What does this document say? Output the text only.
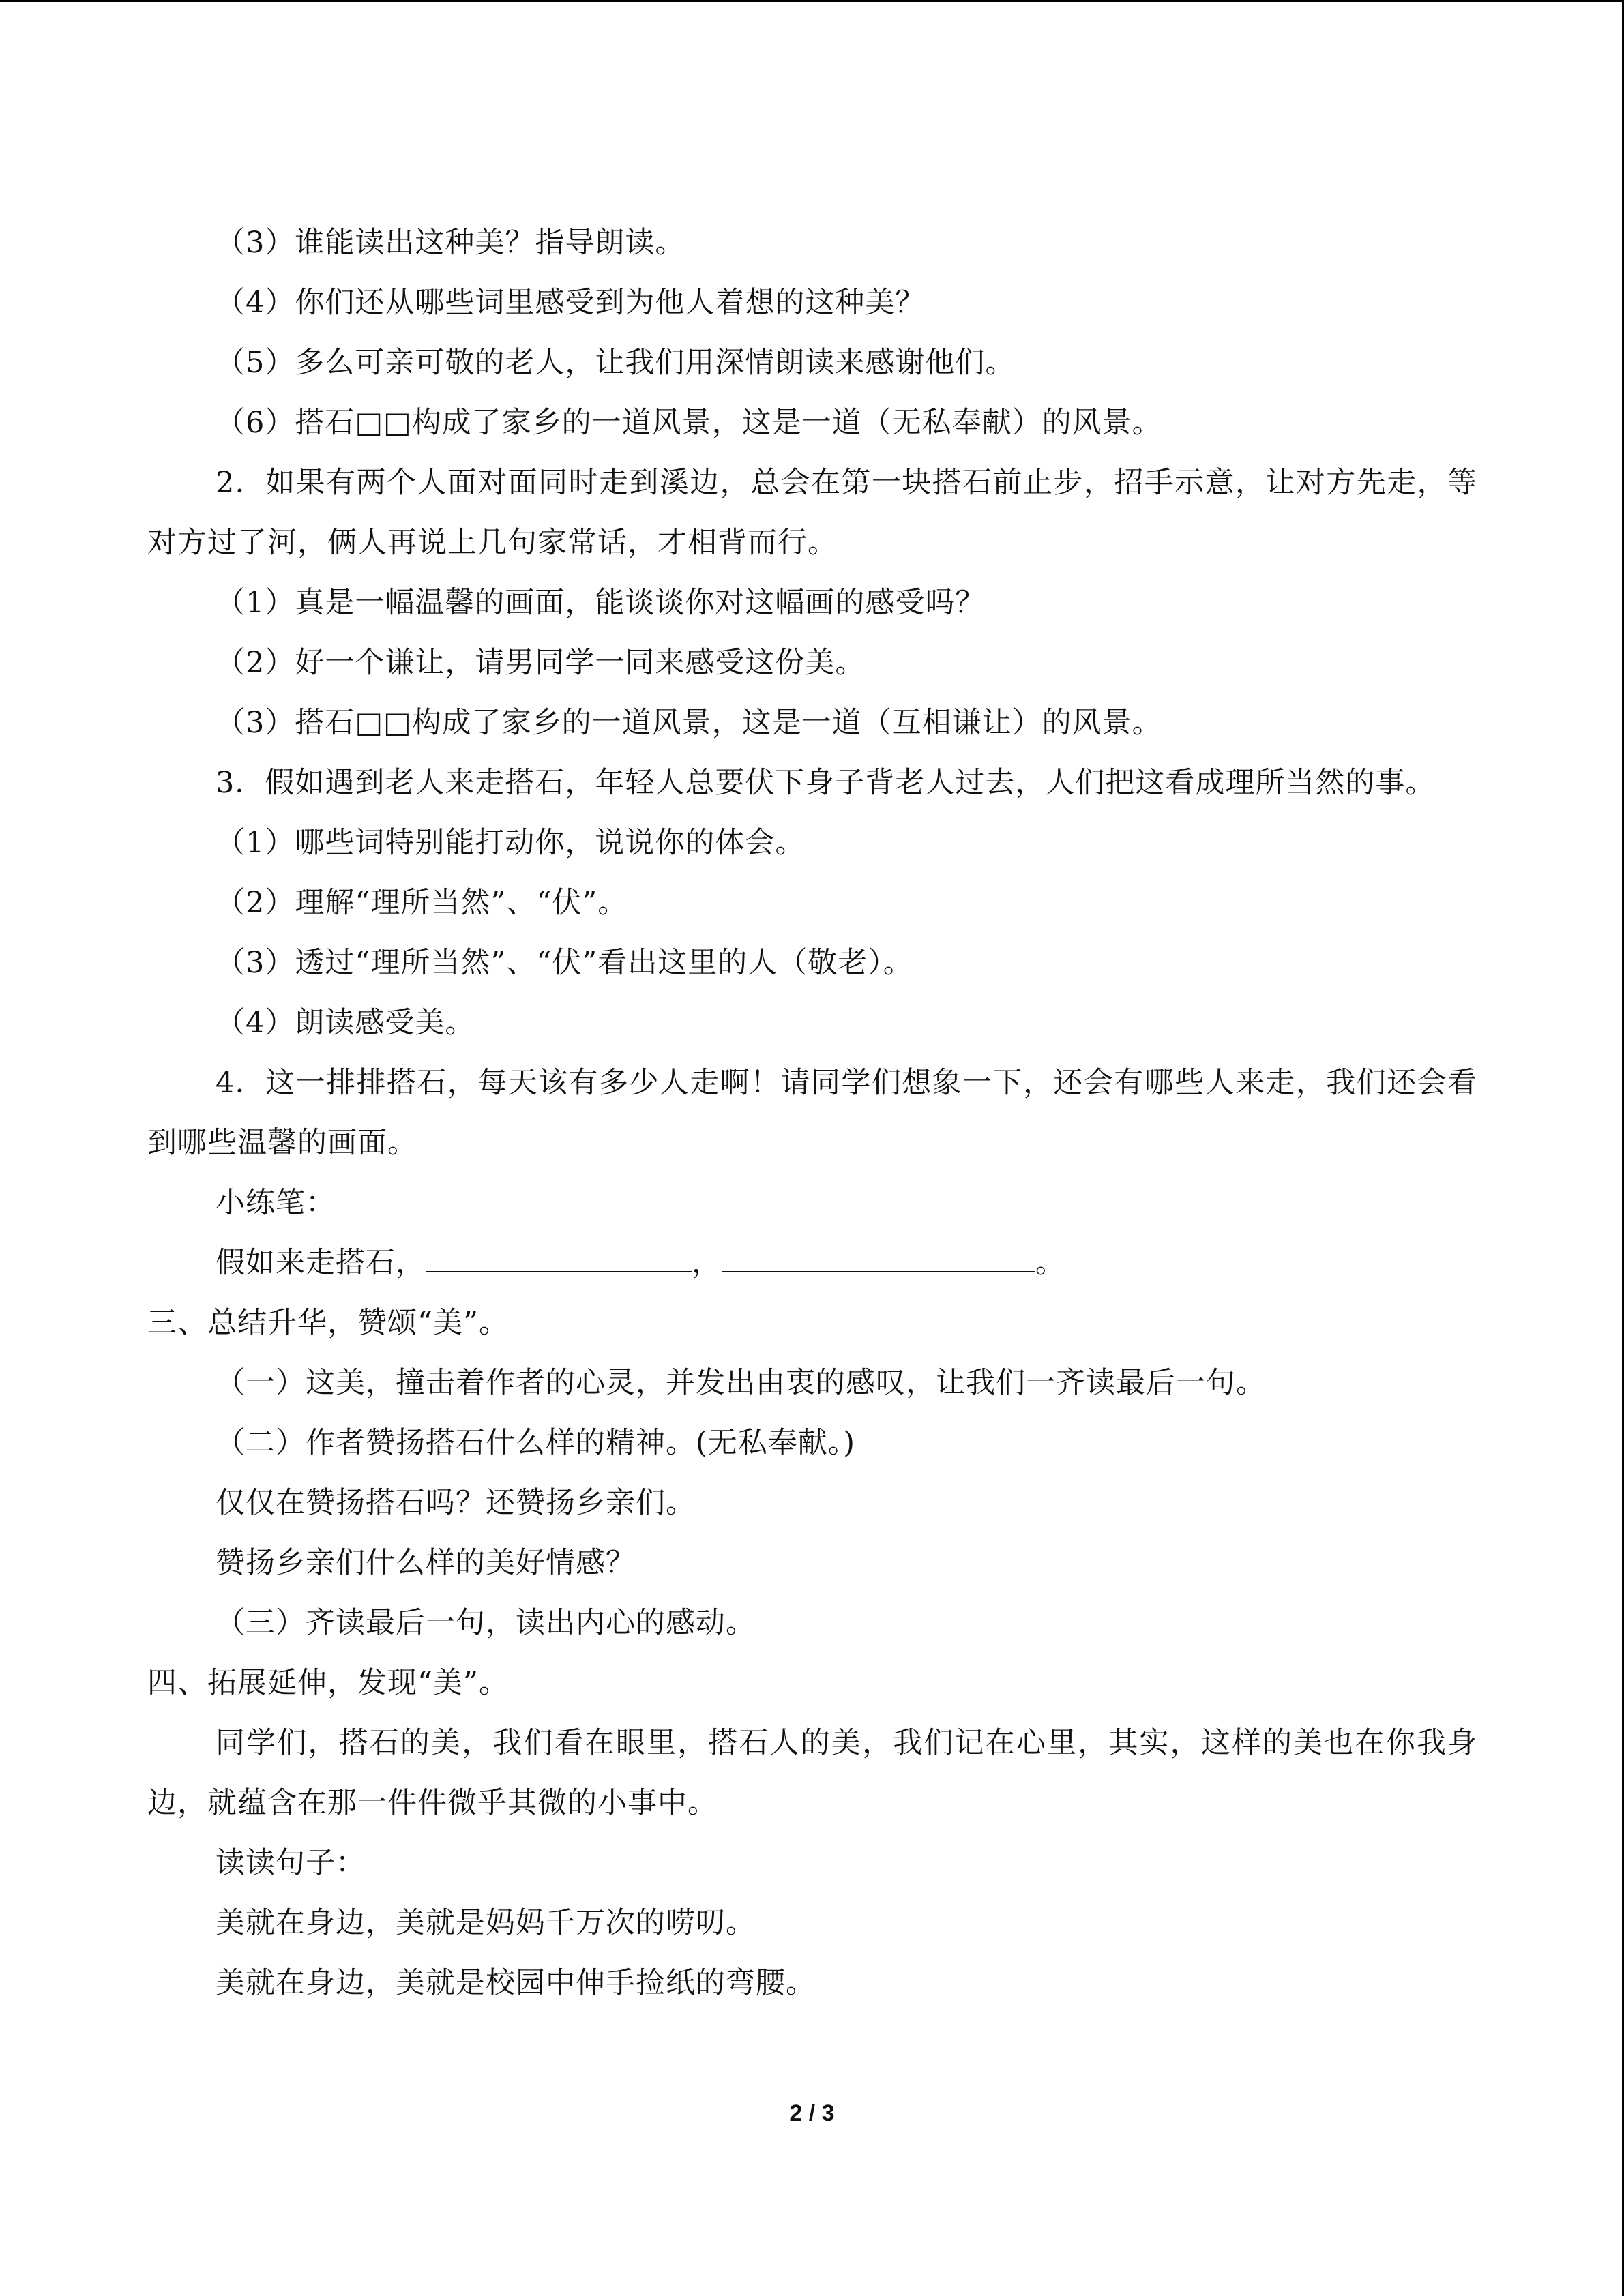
（3）谁能读出这种美？指导朗读。
（4）你们还从哪些词里感受到为他人着想的这种美？
（5）多么可亲可敬的老人，让我们用深情朗读来感谢他们。
（6）搭石□□构成了家乡的一道风景，这是一道（无私奉献）的风景。
2．如果有两个人面对面同时走到溪边，总会在第一块搭石前止步，招手示意，让对方先走，等对方过了河，俩人再说上几句家常话，才相背而行。
（1）真是一幅温馨的画面，能谈谈你对这幅画的感受吗？
（2）好一个谦让，请男同学一同来感受这份美。
（3）搭石□□构成了家乡的一道风景，这是一道（互相谦让）的风景。
3．假如遇到老人来走搭石，年轻人总要伏下身子背老人过去，人们把这看成理所当然的事。
（1）哪些词特别能打动你，说说你的体会。
（2）理解“理所当然”、“伏”。
（3）透过“理所当然”、“伏”看出这里的人（敬老）。
（4）朗读感受美。
4．这一排排搭石，每天该有多少人走啊！请同学们想象一下，还会有哪些人来走，我们还会看到哪些温馨的画面。
小练笔：
假如来走搭石，	，	。
三、总结升华，赞颂“美”。
（一）这美，撞击着作者的心灵，并发出由衷的感叹，让我们一齐读最后一句。
（二）作者赞扬搭石什么样的精神。(无私奉献。)
仅仅在赞扬搭石吗？还赞扬乡亲们。
赞扬乡亲们什么样的美好情感？
（三）齐读最后一句，读出内心的感动。
四、拓展延伸，发现“美”。
同学们，搭石的美，我们看在眼里，搭石人的美，我们记在心里，其实，这样的美也在你我身边，就蕴含在那一件件微乎其微的小事中。
读读句子：
美就在身边，美就是妈妈千万次的唠叨。
美就在身边，美就是校园中伸手捡纸的弯腰。
2 / 3
